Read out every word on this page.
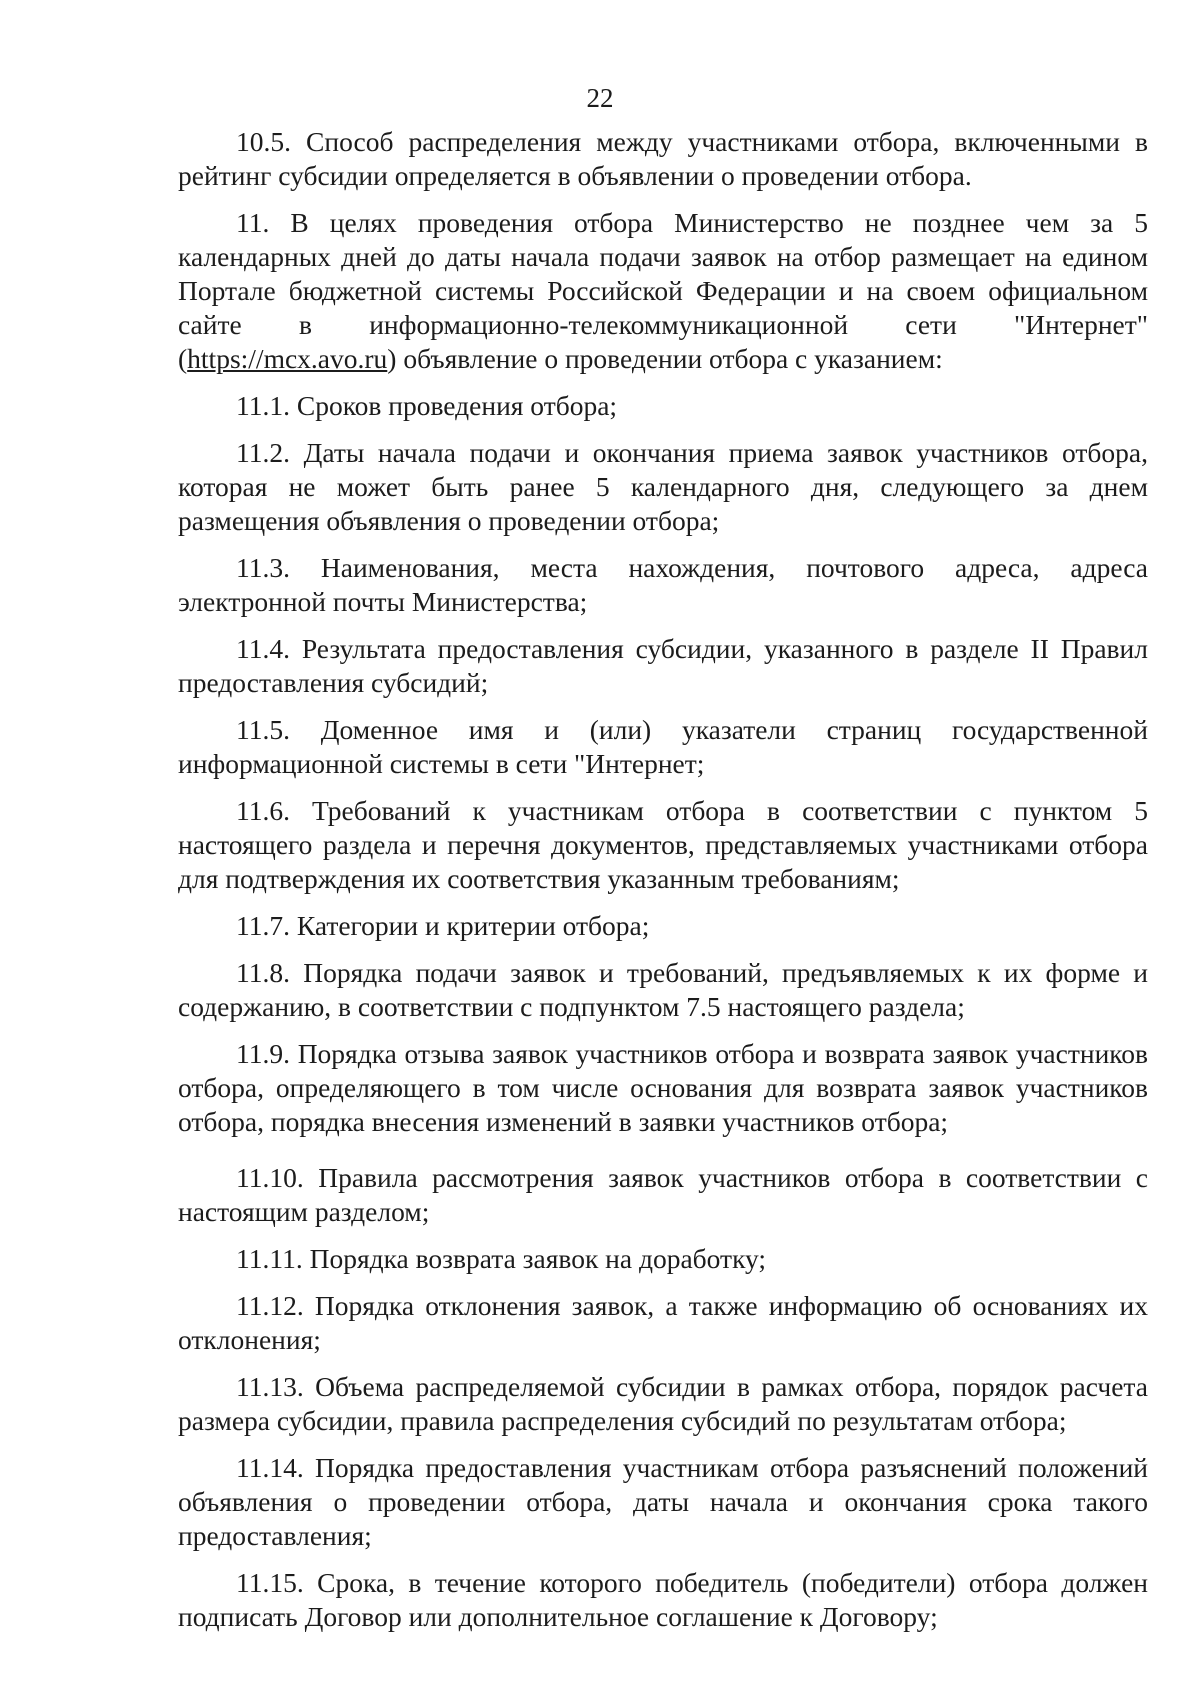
22

10.5. Способ распределения между участниками отбора, включенными в рейтинг субсидии определяется в объявлении о проведении отбора.

11. В целях проведения отбора Министерство не позднее чем за 5 календарных дней до даты начала подачи заявок на отбор размещает на едином Портале бюджетной системы Российской Федерации и на своем официальном сайте в информационно-телекоммуникационной сети "Интернет" (https://mcx.avo.ru) объявление о проведении отбора с указанием:

11.1. Сроков проведения отбора;

11.2. Даты начала подачи и окончания приема заявок участников отбора, которая не может быть ранее 5 календарного дня, следующего за днем размещения объявления о проведении отбора;

11.3. Наименования, места нахождения, почтового адреса, адреса электронной почты Министерства;

11.4. Результата предоставления субсидии, указанного в разделе II Правил предоставления субсидий;

11.5. Доменное имя и (или) указатели страниц государственной информационной системы в сети "Интернет;

11.6. Требований к участникам отбора в соответствии с пунктом 5 настоящего раздела и перечня документов, представляемых участниками отбора для подтверждения их соответствия указанным требованиям;

11.7. Категории и критерии отбора;

11.8. Порядка подачи заявок и требований, предъявляемых к их форме и содержанию, в соответствии с подпунктом 7.5 настоящего раздела;

11.9. Порядка отзыва заявок участников отбора и возврата заявок участников отбора, определяющего в том числе основания для возврата заявок участников отбора, порядка внесения изменений в заявки участников отбора;

11.10. Правила рассмотрения заявок участников отбора в соответствии с настоящим разделом;

11.11. Порядка возврата заявок на доработку;

11.12. Порядка отклонения заявок, а также информацию об основаниях их отклонения;

11.13. Объема распределяемой субсидии в рамках отбора, порядок расчета размера субсидии, правила распределения субсидий по результатам отбора;

11.14. Порядка предоставления участникам отбора разъяснений положений объявления о проведении отбора, даты начала и окончания срока такого предоставления;

11.15. Срока, в течение которого победитель (победители) отбора должен подписать Договор или дополнительное соглашение к Договору;
